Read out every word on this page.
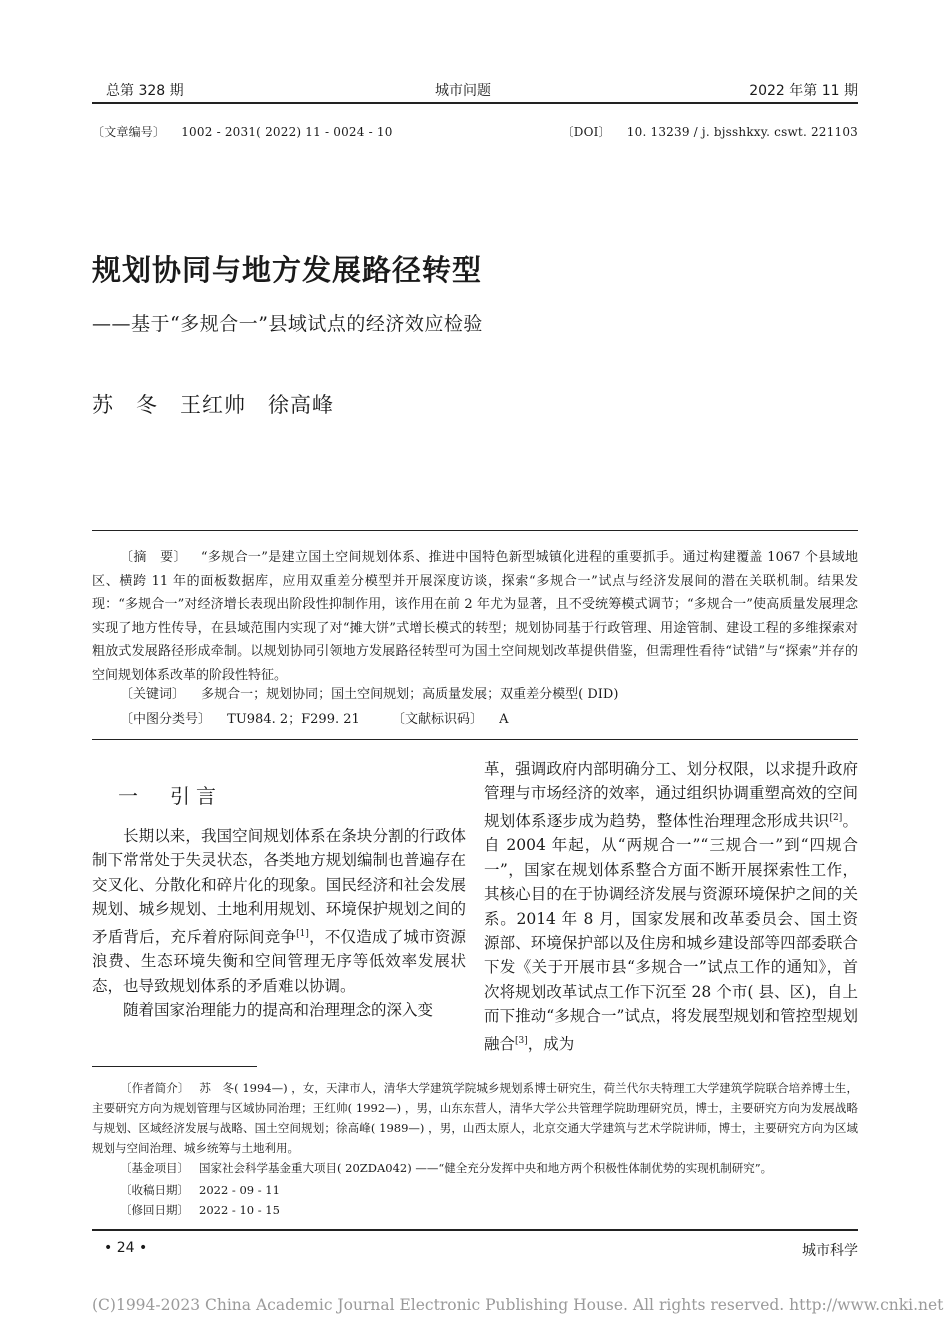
总第 328 期	城市问题	2022 年第 11 期
〔文章编号〕 1002 - 2031( 2022) 11 - 0024 - 10	〔DOI〕 10. 13239 / j. bjsshkxy. cswt. 221103
规划协同与地方发展路径转型
——基于“多规合一”县域试点的经济效应检验
苏　冬　王红帅　徐高峰

〔摘　要〕 “多规合一”是建立国土空间规划体系、推进中国特色新型城镇化进程的重要抓手。通过构建覆盖 1067 个县域地区、横跨 11 年的面板数据库，应用双重差分模型并开展深度访谈，探索“多规合一”试点与经济发展间的潜在关联机制。结果发现：“多规合一”对经济增长表现出阶段性抑制作用，该作用在前 2 年尤为显著，且不受统筹模式调节；“多规合一”使高质量发展理念实现了地方性传导，在县域范围内实现了对“摊大饼”式增长模式的转型；规划协同基于行政管理、用途管制、建设工程的多维探索对粗放式发展路径形成牵制。以规划协同引领地方发展路径转型可为国土空间规划改革提供借鉴，但需理性看待“试错”与“探索”并存的空间规划体系改革的阶段性特征。

〔关键词〕 多规合一；规划协同；国土空间规划；高质量发展；双重差分模型( DID)
〔中图分类号〕 TU984. 2；F299. 21 〔文献标识码〕 A
一　引言

长期以来，我国空间规划体系在条块分割的行政体制下常常处于失灵状态，各类地方规划编制也普遍存在交叉化、分散化和碎片化的现象。国民经济和社会发展规划、城乡规划、土地利用规划、环境保护规划之间的矛盾背后，充斥着府际间竞争[1]，不仅造成了城市资源浪费、生态环境失衡和空间管理无序等低效率发展状态，也导致规划体系的矛盾难以协调。

随着国家治理能力的提高和治理理念的深入变

革，强调政府内部明确分工、划分权限，以求提升政府管理与市场经济的效率，通过组织协调重塑高效的空间规划体系逐步成为趋势，整体性治理理念形成共识[2]。自 2004 年起，从“两规合一”“三规合一”到“四规合一”，国家在规划体系整合方面不断开展探索性工作，其核心目的在于协调经济发展与资源环境保护之间的关系。2014 年 8 月，国家发展和改革委员会、国土资源部、环境保护部以及住房和城乡建设部等四部委联合下发《关于开展市县“多规合一”试点工作的通知》，首次将规划改革试点工作下沉至 28 个市( 县、区)，自上而下推动“多规合一”试点，将发展型规划和管控型规划融合[3]，成为

〔作者简介〕 苏　冬( 1994—) ，女，天津市人，清华大学建筑学院城乡规划系博士研究生，荷兰代尔夫特理工大学建筑学院联合培养博士生，主要研究方向为规划管理与区域协同治理；王红帅( 1992—) ，男，山东东营人，清华大学公共管理学院助理研究员，博士，主要研究方向为发展战略与规划、区域经济发展与战略、国土空间规划；徐高峰( 1989—) ，男，山西太原人，北京交通大学建筑与艺术学院讲师，博士，主要研究方向为区域规划与空间治理、城乡统筹与土地利用。

〔基金项目〕 国家社会科学基金重大项目( 20ZDA042) ——“健全充分发挥中央和地方两个积极性体制优势的实现机制研究”。

〔收稿日期〕 2022 - 09 - 11

〔修回日期〕 2022 - 10 - 15

• 24 •	城市科学
(C)1994-2023 China Academic Journal Electronic Publishing House. All rights reserved. http://www.cnki.net
